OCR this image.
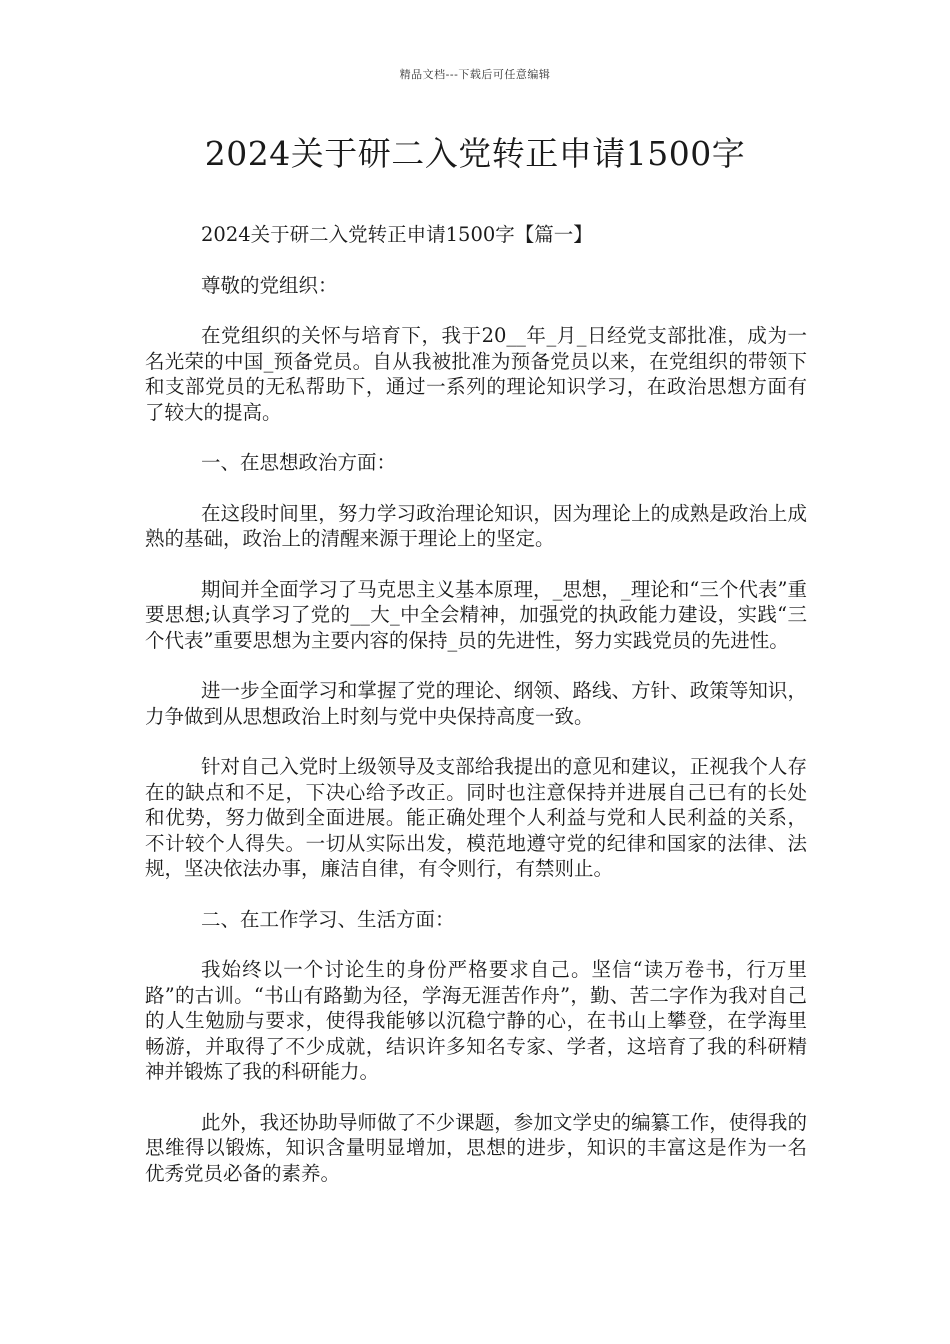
精品文档---下载后可任意编辑
2024关于研二入党转正申请1500字

2024关于研二入党转正申请1500字【篇一】

尊敬的党组织：

在党组织的关怀与培育下，我于20__年_月_日经党支部批准，成为一名光荣的中国_预备党员。自从我被批准为预备党员以来，在党组织的带领下和支部党员的无私帮助下，通过一系列的理论知识学习，在政治思想方面有了较大的提高。

一、在思想政治方面：

在这段时间里，努力学习政治理论知识，因为理论上的成熟是政治上成熟的基础，政治上的清醒来源于理论上的坚定。

期间并全面学习了马克思主义基本原理，_思想，_理论和“三个代表”重要思想;认真学习了党的__大_中全会精神，加强党的执政能力建设，实践“三个代表”重要思想为主要内容的保持_员的先进性，努力实践党员的先进性。

进一步全面学习和掌握了党的理论、纲领、路线、方针、政策等知识，力争做到从思想政治上时刻与党中央保持高度一致。

针对自己入党时上级领导及支部给我提出的意见和建议，正视我个人存在的缺点和不足，下决心给予改正。同时也注意保持并进展自己已有的长处和优势，努力做到全面进展。能正确处理个人利益与党和人民利益的关系，不计较个人得失。一切从实际出发，模范地遵守党的纪律和国家的法律、法规，坚决依法办事，廉洁自律，有令则行，有禁则止。

二、在工作学习、生活方面：

我始终以一个讨论生的身份严格要求自己。坚信“读万卷书，行万里路”的古训。“书山有路勤为径，学海无涯苦作舟”，勤、苦二字作为我对自己的人生勉励与要求，使得我能够以沉稳宁静的心，在书山上攀登，在学海里畅游，并取得了不少成就，结识许多知名专家、学者，这培育了我的科研精神并锻炼了我的科研能力。

此外，我还协助导师做了不少课题，参加文学史的编纂工作，使得我的思维得以锻炼，知识含量明显增加，思想的进步，知识的丰富这是作为一名优秀党员必备的素养。
